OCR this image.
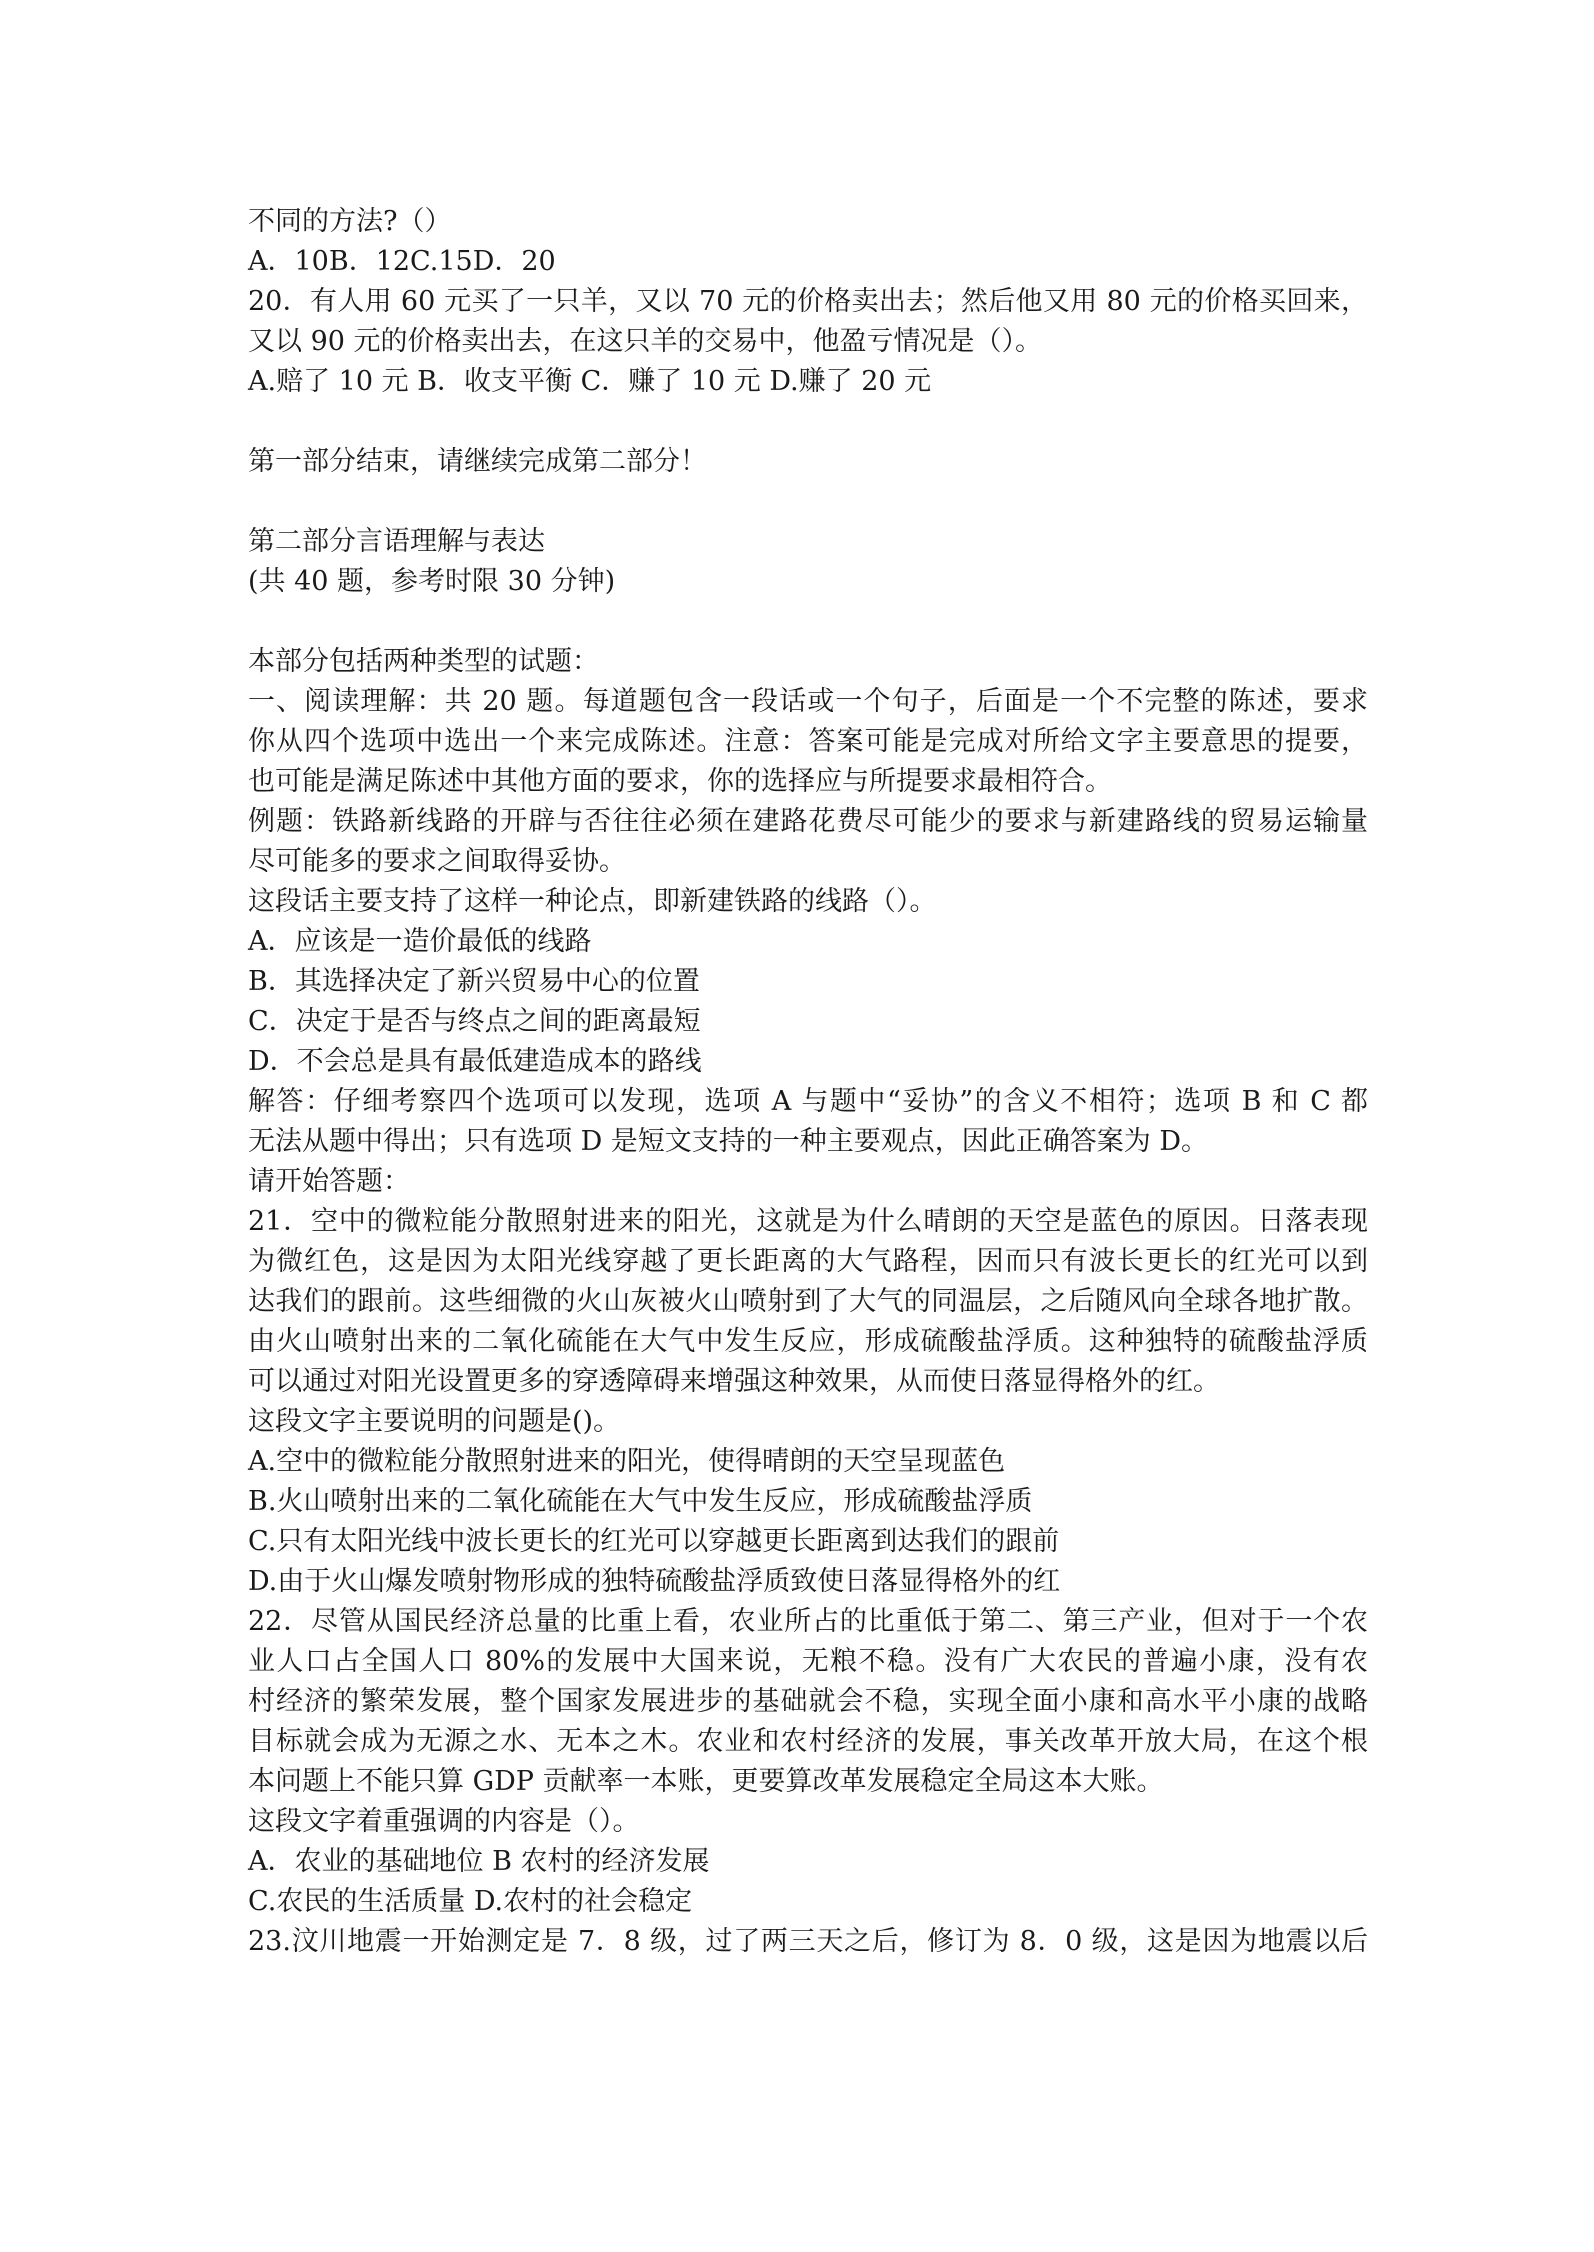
不同的方法?（）
A．10B．12C.15D．20
20．有人用 60 元买了一只羊，又以 70 元的价格卖出去；然后他又用 80 元的价格买回来，
又以 90 元的价格卖出去，在这只羊的交易中，他盈亏情况是（）。
A.赔了 10 元 B．收支平衡 C．赚了 10 元 D.赚了 20 元
第一部分结束，请继续完成第二部分！
第二部分言语理解与表达
(共 40 题，参考时限 30 分钟)
本部分包括两种类型的试题：
一、阅读理解：共 20 题。每道题包含一段话或一个句子，后面是一个不完整的陈述，要求
你从四个选项中选出一个来完成陈述。注意：答案可能是完成对所给文字主要意思的提要，
也可能是满足陈述中其他方面的要求，你的选择应与所提要求最相符合。
例题：铁路新线路的开辟与否往往必须在建路花费尽可能少的要求与新建路线的贸易运输量
尽可能多的要求之间取得妥协。
这段话主要支持了这样一种论点，即新建铁路的线路（）。
A．应该是一造价最低的线路
B．其选择决定了新兴贸易中心的位置
C．决定于是否与终点之间的距离最短
D．不会总是具有最低建造成本的路线
解答：仔细考察四个选项可以发现，选项 A 与题中“妥协”的含义不相符；选项 B 和 C 都
无法从题中得出；只有选项 D 是短文支持的一种主要观点，因此正确答案为 D。
请开始答题：
21．空中的微粒能分散照射进来的阳光，这就是为什么晴朗的天空是蓝色的原因。日落表现
为微红色，这是因为太阳光线穿越了更长距离的大气路程，因而只有波长更长的红光可以到
达我们的跟前。这些细微的火山灰被火山喷射到了大气的同温层，之后随风向全球各地扩散。
由火山喷射出来的二氧化硫能在大气中发生反应，形成硫酸盐浮质。这种独特的硫酸盐浮质
可以通过对阳光设置更多的穿透障碍来增强这种效果，从而使日落显得格外的红。
这段文字主要说明的问题是()。
A.空中的微粒能分散照射进来的阳光，使得晴朗的天空呈现蓝色
B.火山喷射出来的二氧化硫能在大气中发生反应，形成硫酸盐浮质
C.只有太阳光线中波长更长的红光可以穿越更长距离到达我们的跟前
D.由于火山爆发喷射物形成的独特硫酸盐浮质致使日落显得格外的红
22．尽管从国民经济总量的比重上看，农业所占的比重低于第二、第三产业，但对于一个农
业人口占全国人口 80%的发展中大国来说，无粮不稳。没有广大农民的普遍小康，没有农
村经济的繁荣发展，整个国家发展进步的基础就会不稳，实现全面小康和高水平小康的战略
目标就会成为无源之水、无本之木。农业和农村经济的发展，事关改革开放大局，在这个根
本问题上不能只算 GDP 贡献率一本账，更要算改革发展稳定全局这本大账。
这段文字着重强调的内容是（）。
A．农业的基础地位 B 农村的经济发展
C.农民的生活质量 D.农村的社会稳定
23.汶川地震一开始测定是 7．8 级，过了两三天之后，修订为 8．0 级，这是因为地震以后
